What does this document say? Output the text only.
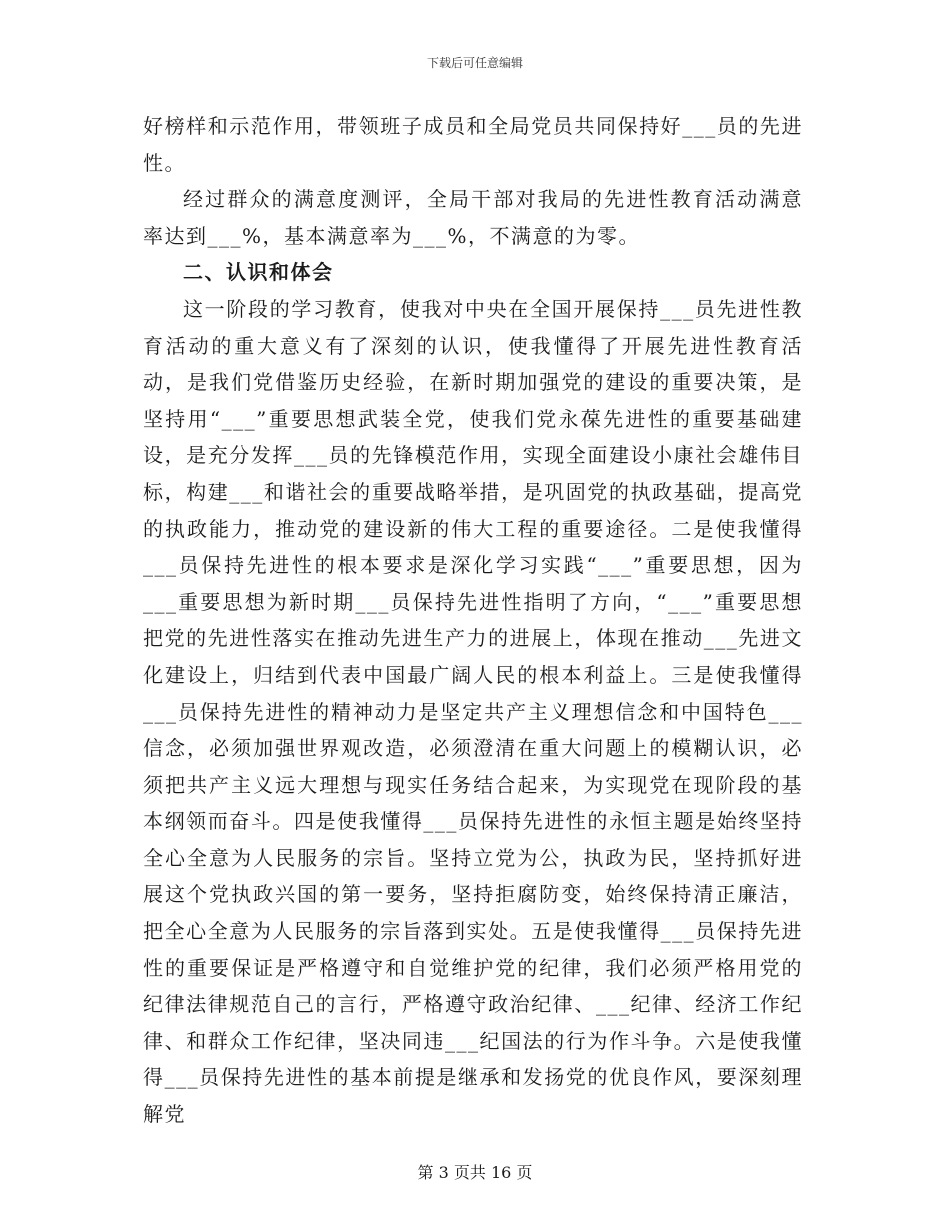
下载后可任意编辑

好榜样和示范作用，带领班子成员和全局党员共同保持好___员的先进性。

经过群众的满意度测评，全局干部对我局的先进性教育活动满意率达到___%，基本满意率为___%，不满意的为零。

二、认识和体会

这一阶段的学习教育，使我对中央在全国开展保持___员先进性教育活动的重大意义有了深刻的认识，使我懂得了开展先进性教育活动，是我们党借鉴历史经验，在新时期加强党的建设的重要决策，是坚持用“___”重要思想武装全党，使我们党永葆先进性的重要基础建设，是充分发挥___员的先锋模范作用，实现全面建设小康社会雄伟目标，构建___和谐社会的重要战略举措，是巩固党的执政基础，提高党的执政能力，推动党的建设新的伟大工程的重要途径。二是使我懂得___员保持先进性的根本要求是深化学习实践“___”重要思想，因为___重要思想为新时期___员保持先进性指明了方向，“___”重要思想把党的先进性落实在推动先进生产力的进展上，体现在推动___先进文化建设上，归结到代表中国最广阔人民的根本利益上。三是使我懂得___员保持先进性的精神动力是坚定共产主义理想信念和中国特色___信念，必须加强世界观改造，必须澄清在重大问题上的模糊认识，必须把共产主义远大理想与现实任务结合起来，为实现党在现阶段的基本纲领而奋斗。四是使我懂得___员保持先进性的永恒主题是始终坚持全心全意为人民服务的宗旨。坚持立党为公，执政为民，坚持抓好进展这个党执政兴国的第一要务，坚持拒腐防变，始终保持清正廉洁，把全心全意为人民服务的宗旨落到实处。五是使我懂得___员保持先进性的重要保证是严格遵守和自觉维护党的纪律，我们必须严格用党的纪律法律规范自己的言行，严格遵守政治纪律、___纪律、经济工作纪律、和群众工作纪律，坚决同违___纪国法的行为作斗争。六是使我懂得___员保持先进性的基本前提是继承和发扬党的优良作风，要深刻理解党

第 3 页共 16 页
